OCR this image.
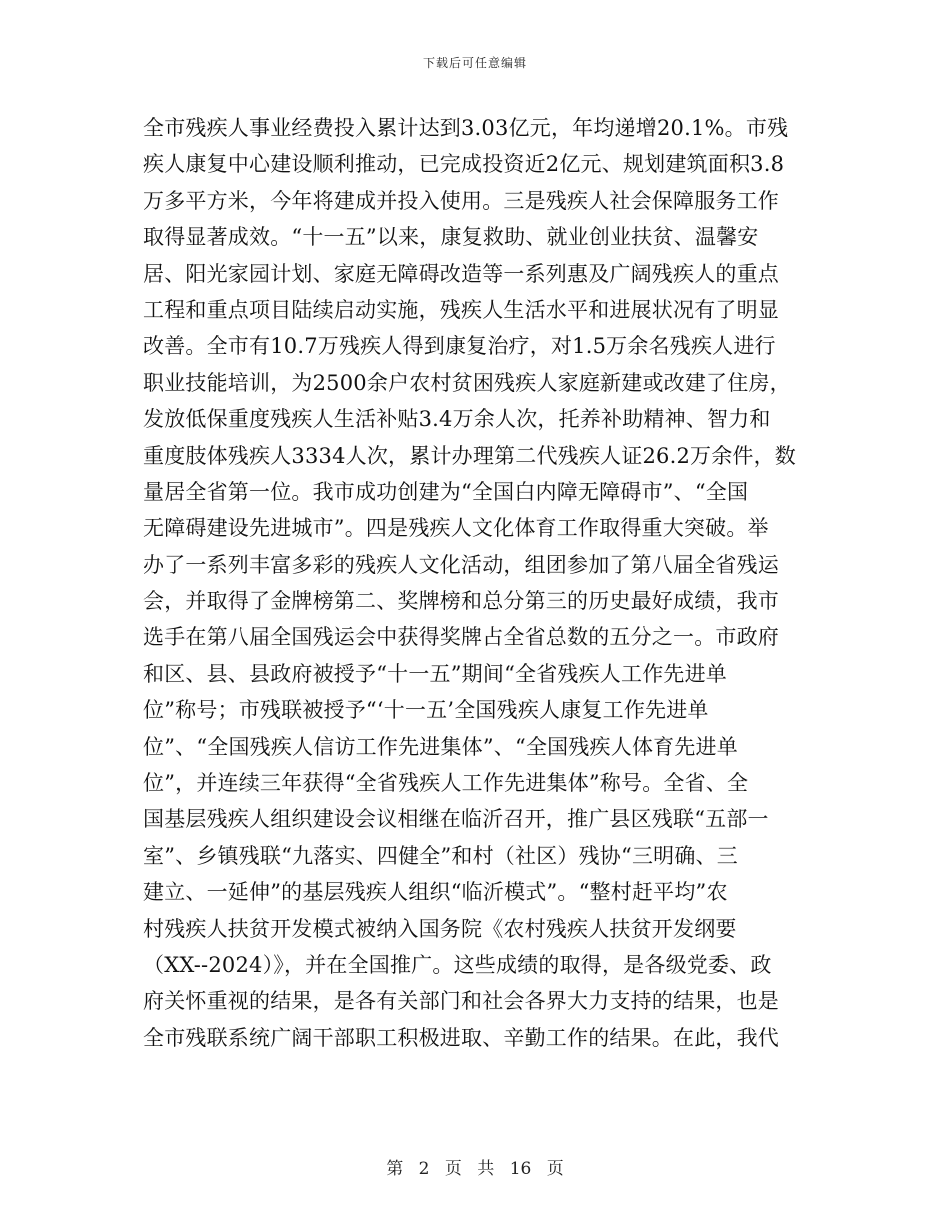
下载后可任意编辑
全市残疾人事业经费投入累计达到3.03亿元，年均递增20.1%。市残
疾人康复中心建设顺利推动，已完成投资近2亿元、规划建筑面积3.8
万多平方米，今年将建成并投入使用。三是残疾人社会保障服务工作
取得显著成效。“十一五”以来，康复救助、就业创业扶贫、温馨安
居、阳光家园计划、家庭无障碍改造等一系列惠及广阔残疾人的重点
工程和重点项目陆续启动实施，残疾人生活水平和进展状况有了明显
改善。全市有10.7万残疾人得到康复治疗，对1.5万余名残疾人进行
职业技能培训，为2500余户农村贫困残疾人家庭新建或改建了住房，
发放低保重度残疾人生活补贴3.4万余人次，托养补助精神、智力和
重度肢体残疾人3334人次，累计办理第二代残疾人证26.2万余件，数
量居全省第一位。我市成功创建为“全国白内障无障碍市”、“全国
无障碍建设先进城市”。四是残疾人文化体育工作取得重大突破。举
办了一系列丰富多彩的残疾人文化活动，组团参加了第八届全省残运
会，并取得了金牌榜第二、奖牌榜和总分第三的历史最好成绩，我市
选手在第八届全国残运会中获得奖牌占全省总数的五分之一。市政府
和区、县、县政府被授予“十一五”期间“全省残疾人工作先进单
位”称号；市残联被授予“‘十一五’全国残疾人康复工作先进单
位”、“全国残疾人信访工作先进集体”、“全国残疾人体育先进单
位”，并连续三年获得“全省残疾人工作先进集体”称号。全省、全
国基层残疾人组织建设会议相继在临沂召开，推广县区残联“五部一
室”、乡镇残联“九落实、四健全”和村（社区）残协“三明确、三
建立、一延伸”的基层残疾人组织“临沂模式”。“整村赶平均”农
村残疾人扶贫开发模式被纳入国务院《农村残疾人扶贫开发纲要
（XX--2024）》，并在全国推广。这些成绩的取得，是各级党委、政
府关怀重视的结果，是各有关部门和社会各界大力支持的结果，也是
全市残联系统广阔干部职工积极进取、辛勤工作的结果。在此，我代
第 2 页 共 16 页
